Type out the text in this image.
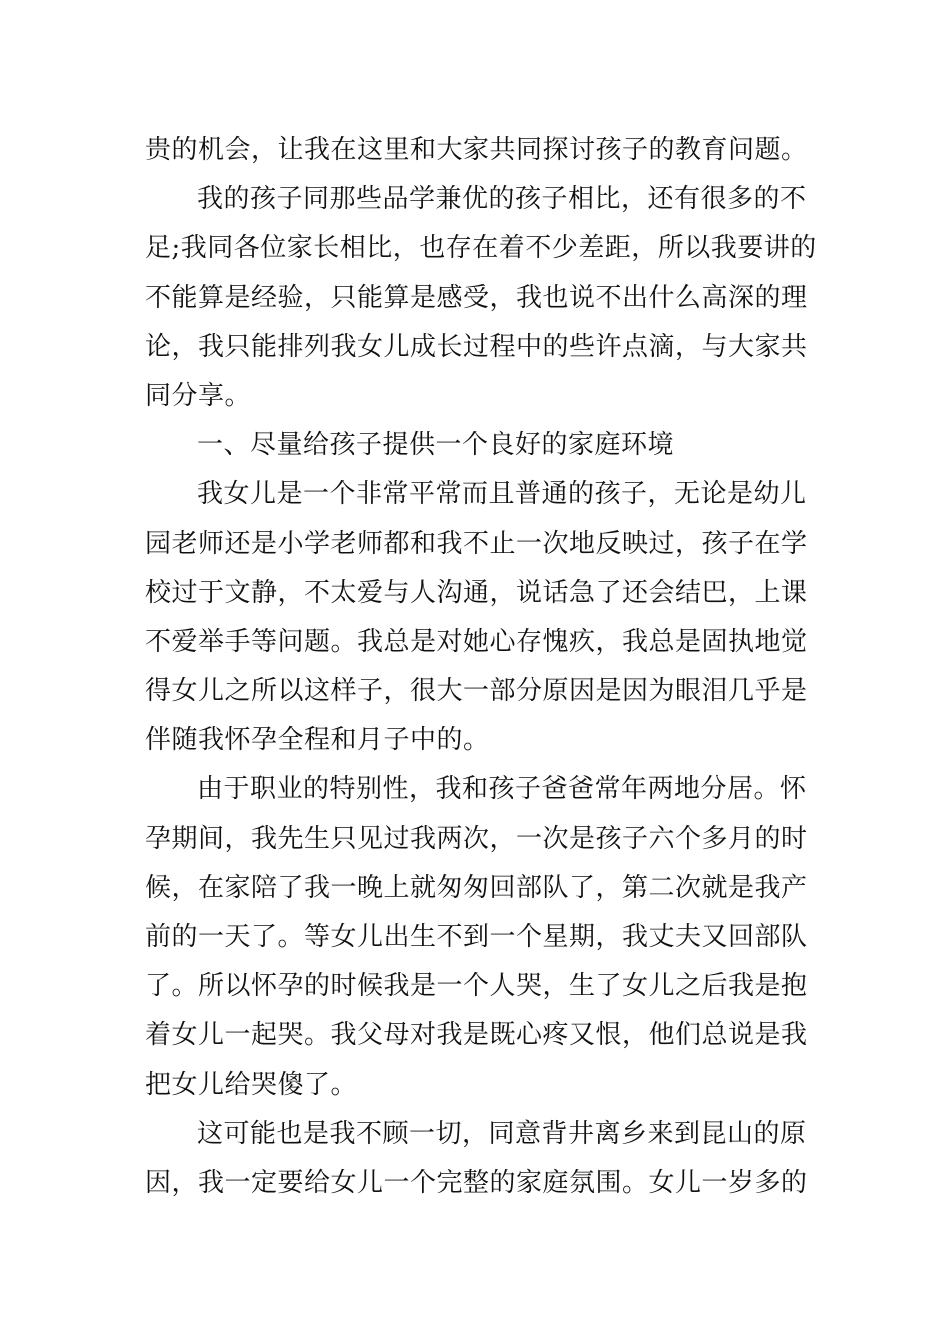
贵的机会，让我在这里和大家共同探讨孩子的教育问题。
我的孩子同那些品学兼优的孩子相比，还有很多的不
足;我同各位家长相比，也存在着不少差距，所以我要讲的
不能算是经验，只能算是感受，我也说不出什么高深的理
论，我只能排列我女儿成长过程中的些许点滴，与大家共
同分享。
一、尽量给孩子提供一个良好的家庭环境
我女儿是一个非常平常而且普通的孩子，无论是幼儿
园老师还是小学老师都和我不止一次地反映过，孩子在学
校过于文静，不太爱与人沟通，说话急了还会结巴，上课
不爱举手等问题。我总是对她心存愧疚，我总是固执地觉
得女儿之所以这样子，很大一部分原因是因为眼泪几乎是
伴随我怀孕全程和月子中的。
由于职业的特别性，我和孩子爸爸常年两地分居。怀
孕期间，我先生只见过我两次，一次是孩子六个多月的时
候，在家陪了我一晚上就匆匆回部队了，第二次就是我产
前的一天了。等女儿出生不到一个星期，我丈夫又回部队
了。所以怀孕的时候我是一个人哭，生了女儿之后我是抱
着女儿一起哭。我父母对我是既心疼又恨，他们总说是我
把女儿给哭傻了。
这可能也是我不顾一切，同意背井离乡来到昆山的原
因，我一定要给女儿一个完整的家庭氛围。女儿一岁多的
